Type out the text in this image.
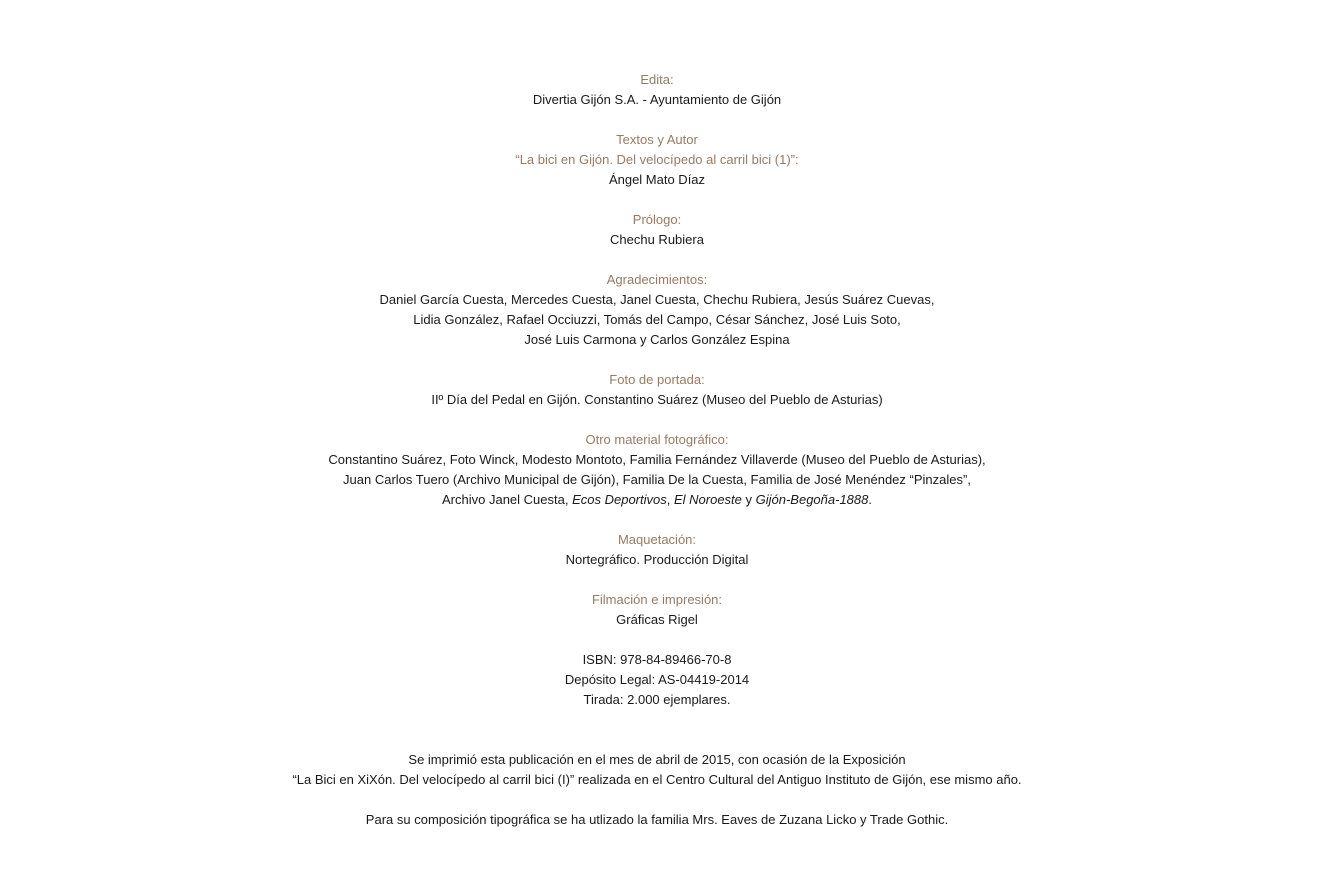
Edita:
Divertia Gijón S.A. - Ayuntamiento de Gijón
Textos y Autor
“La bici en Gijón. Del velocípedo al carril bici (1)”:
Ángel Mato Díaz
Prólogo:
Chechu Rubiera
Agradecimientos:
Daniel García Cuesta, Mercedes Cuesta, Janel Cuesta, Chechu Rubiera, Jesús Suárez Cuevas,
Lidia González, Rafael Occiuzzi, Tomás del Campo, César Sánchez, José Luis Soto,
José Luis Carmona y Carlos González Espina
Foto de portada:
IIº Día del Pedal en Gijón. Constantino Suárez (Museo del Pueblo de Asturias)
Otro material fotográfico:
Constantino Suárez, Foto Winck, Modesto Montoto, Familia Fernández Villaverde (Museo del Pueblo de Asturias),
Juan Carlos Tuero (Archivo Municipal de Gijón), Familia De la Cuesta, Familia de José Menéndez “Pinzales”,
Archivo Janel Cuesta, Ecos Deportivos, El Noroeste y Gijón-Begoña-1888.
Maquetación:
Nortegráfico. Producción Digital
Filmación e impresión:
Gráficas Rigel
ISBN: 978-84-89466-70-8
Depósito Legal: AS-04419-2014
Tirada: 2.000 ejemplares.
Se imprimió esta publicación en el mes de abril de 2015, con ocasión de la Exposición
“La Bici en XiXón. Del velocípedo al carril bici (I)” realizada en el Centro Cultural del Antiguo Instituto de Gijón, ese mismo año.
Para su composición tipográfica se ha utlizado la familia Mrs. Eaves de Zuzana Licko y Trade Gothic.
